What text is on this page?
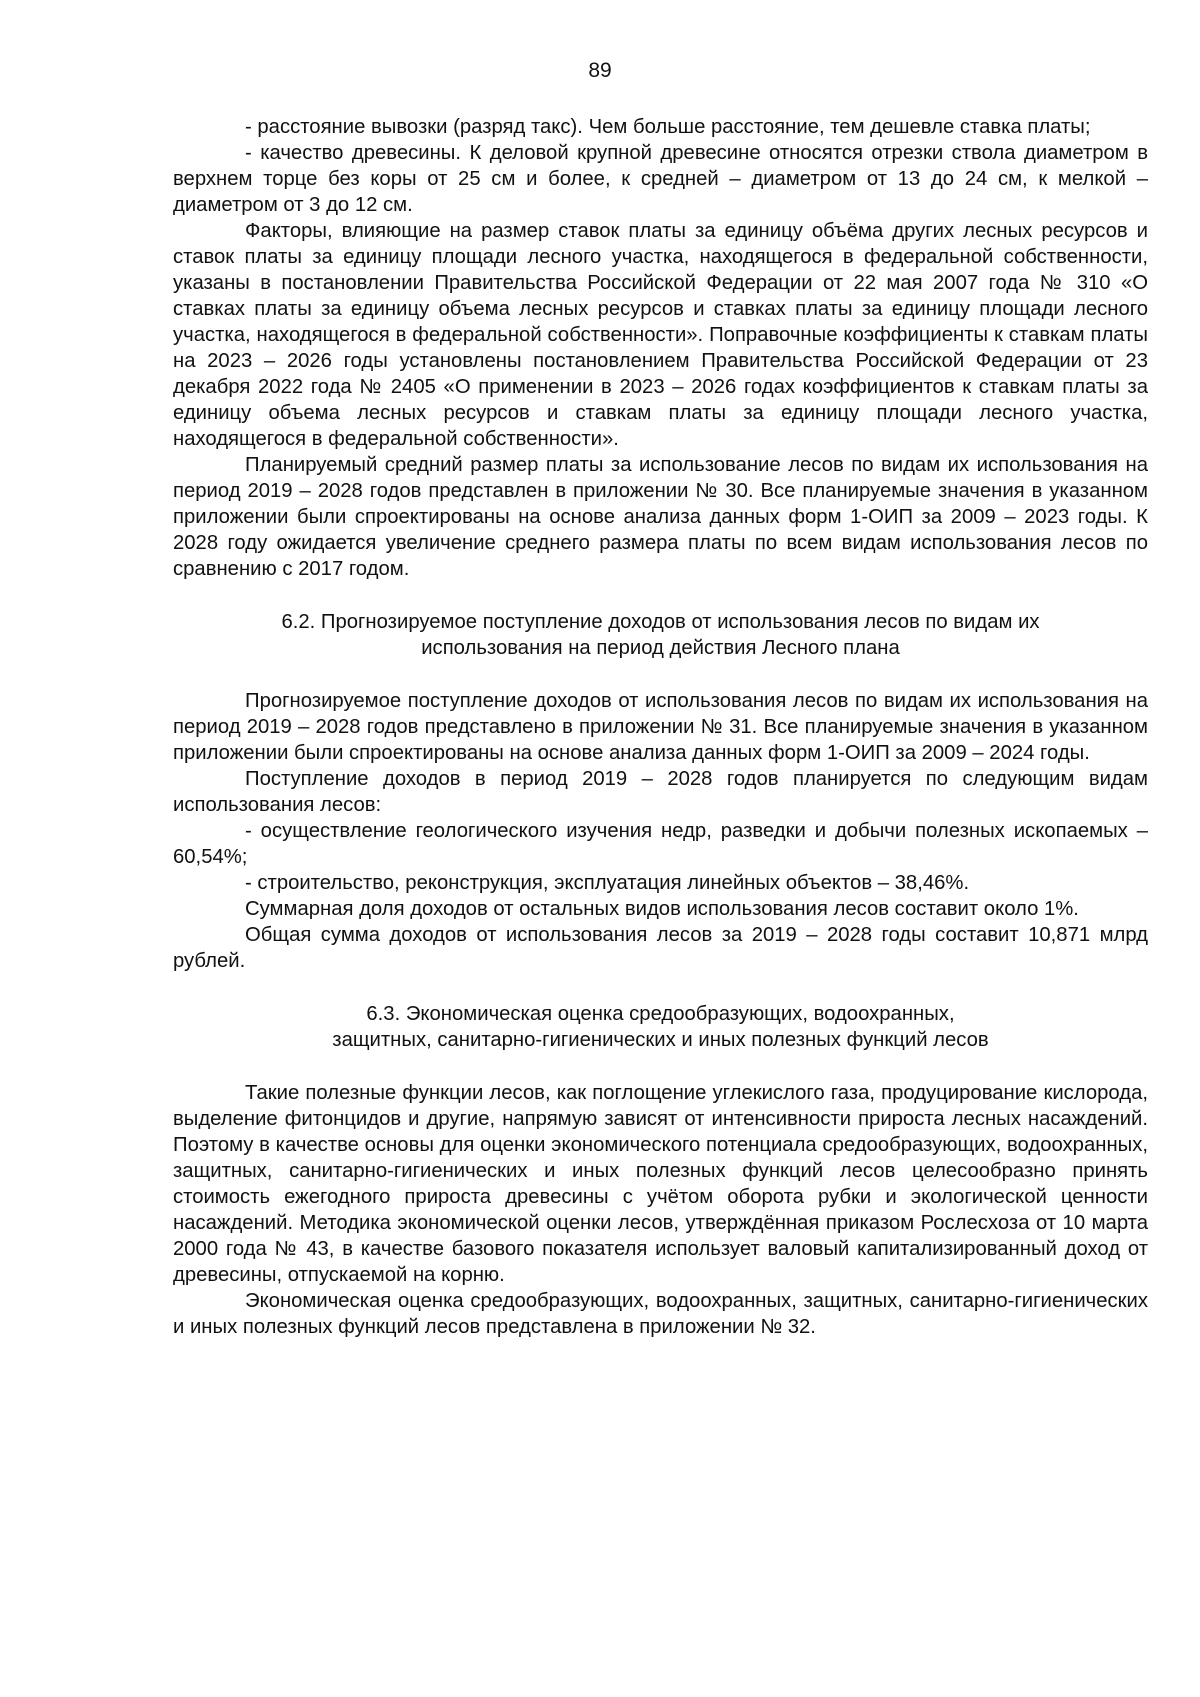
89

- расстояние вывозки (разряд такс). Чем больше расстояние, тем дешевле ставка платы;

- качество древесины. К деловой крупной древесине относятся отрезки ствола диаметром в верхнем торце без коры от 25 см и более, к средней – диаметром от 13 до 24 см, к мелкой – диаметром от 3 до 12 см.

Факторы, влияющие на размер ставок платы за единицу объёма других лесных ресурсов и ставок платы за единицу площади лесного участка, находящегося в федеральной собственности, указаны в постановлении Правительства Российской Федерации от 22 мая 2007 года № 310 «О ставках платы за единицу объема лесных ресурсов и ставках платы за единицу площади лесного участка, находящегося в федеральной собственности». Поправочные коэффициенты к ставкам платы на 2023 – 2026 годы установлены постановлением Правительства Российской Федерации от 23 декабря 2022 года № 2405 «О применении в 2023 – 2026 годах коэффициентов к ставкам платы за единицу объема лесных ресурсов и ставкам платы за единицу площади лесного участка, находящегося в федеральной собственности».

Планируемый средний размер платы за использование лесов по видам их использования на период 2019 – 2028 годов представлен в приложении № 30. Все планируемые значения в указанном приложении были спроектированы на основе анализа данных форм 1-ОИП за 2009 – 2023 годы. К 2028 году ожидается увеличение среднего размера платы по всем видам использования лесов по сравнению с 2017 годом.

6.2. Прогнозируемое поступление доходов от использования лесов по видам их
использования на период действия Лесного плана

Прогнозируемое поступление доходов от использования лесов по видам их использования на период 2019 – 2028 годов представлено в приложении № 31. Все планируемые значения в указанном приложении были спроектированы на основе анализа данных форм 1-ОИП за 2009 – 2024 годы.

Поступление доходов в период 2019 – 2028 годов планируется по следующим видам использования лесов:

- осуществление геологического изучения недр, разведки и добычи полезных ископаемых – 60,54%;

- строительство, реконструкция, эксплуатация линейных объектов – 38,46%.

Суммарная доля доходов от остальных видов использования лесов составит около 1%.

Общая сумма доходов от использования лесов за 2019 – 2028 годы составит 10,871 млрд рублей.

6.3. Экономическая оценка средообразующих, водоохранных,
защитных, санитарно-гигиенических и иных полезных функций лесов

Такие полезные функции лесов, как поглощение углекислого газа, продуцирование кислорода, выделение фитонцидов и другие, напрямую зависят от интенсивности прироста лесных насаждений. Поэтому в качестве основы для оценки экономического потенциала средообразующих, водоохранных, защитных, санитарно-гигиенических и иных полезных функций лесов целесообразно принять стоимость ежегодного прироста древесины с учётом оборота рубки и экологической ценности насаждений. Методика экономической оценки лесов, утверждённая приказом Рослесхоза от 10 марта 2000 года № 43, в качестве базового показателя использует валовый капитализированный доход от древесины, отпускаемой на корню.

Экономическая оценка средообразующих, водоохранных, защитных, санитарно-гигиенических и иных полезных функций лесов представлена в приложении № 32.
